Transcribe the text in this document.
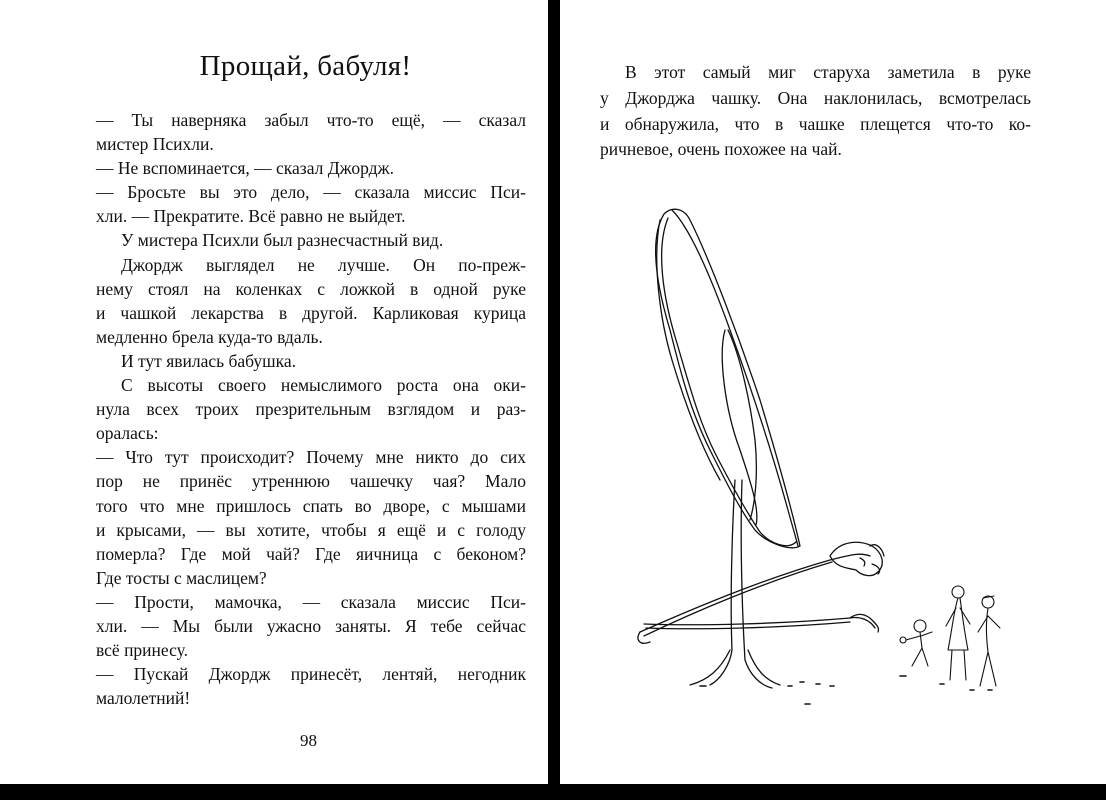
Прощай, бабуля!
— Ты наверняка забыл что-то ещё, — сказал
мистер Психли.
— Не вспоминается, — сказал Джордж.
— Бросьте вы это дело, — сказала миссис Пси-
хли. — Прекратите. Всё равно не выйдет.
У мистера Психли был разнесчастный вид.
Джордж выглядел не лучше. Он по-преж-
нему стоял на коленках с ложкой в одной руке
и чашкой лекарства в другой. Карликовая курица
медленно брела куда-то вдаль.
И тут явилась бабушка.
С высоты своего немыслимого роста она оки-
нула всех троих презрительным взглядом и раз-
оралась:
— Что тут происходит? Почему мне никто до сих
пор не принёс утреннюю чашечку чая? Мало
того что мне пришлось спать во дворе, с мышами
и крысами, — вы хотите, чтобы я ещё и с голоду
померла? Где мой чай? Где яичница с беконом?
Где тосты с маслицем?
— Прости, мамочка, — сказала миссис Пси-
хли. — Мы были ужасно заняты. Я тебе сейчас
всё принесу.
— Пускай Джордж принесёт, лентяй, негодник
малолетний!
98
В этот самый миг старуха заметила в руке
у Джорджа чашку. Она наклонилась, всмотрелась
и обнаружила, что в чашке плещется что-то ко-
ричневое, очень похожее на чай.
